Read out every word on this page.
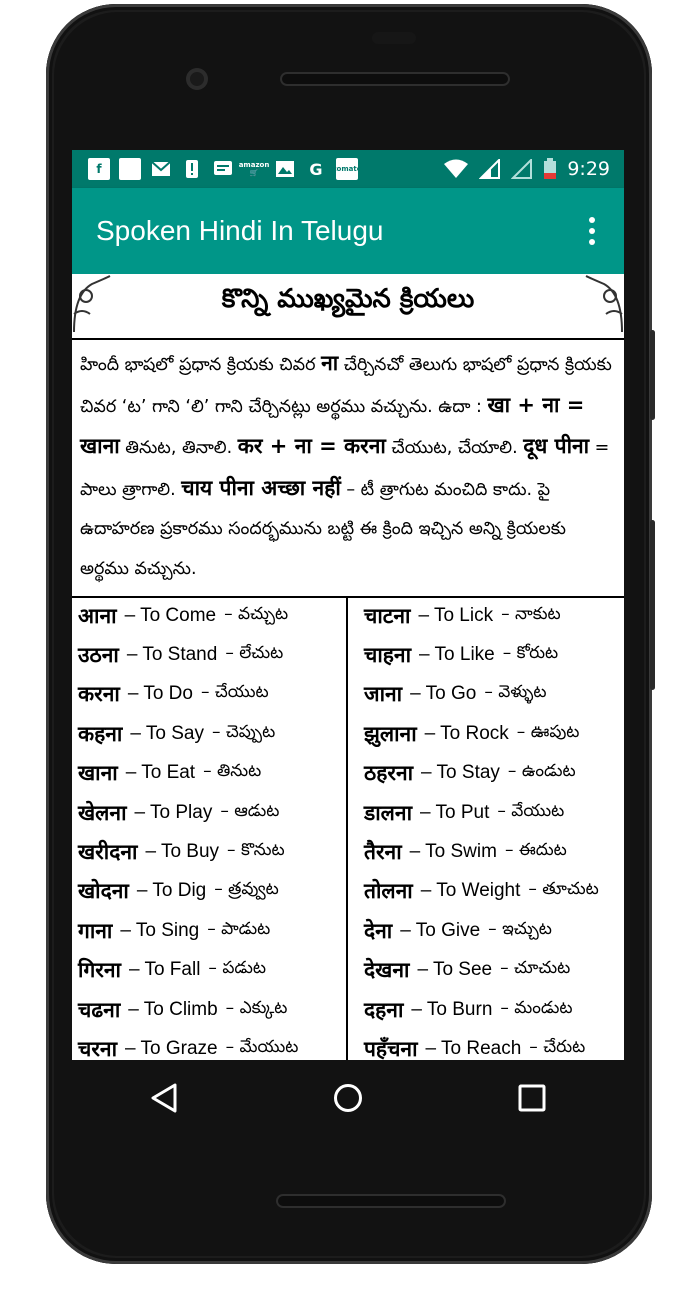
f	amazon
🛒	G zomato	9:29
Spoken Hindi In Telugu
కొన్ని ముఖ్యమైన క్రియలు
హిందీ భాషలో ప్రధాన క్రియకు చివర ना చేర్చినచో తెలుగు భాషలో ప్రధాన క్రియకు చివర ‘ట’ గాని ‘లి’ గాని చేర్చినట్లు అర్థము వచ్చును. ఉదా : खा + ना = खाना తినుట, తినాలి. कर + ना = करना చేయుట, చేయాలి. दूध पीना = పాలు త్రాగాలి. चाय पीना अच्छा नहीं – టీ త్రాగుట మంచిది కాదు. పై ఉదాహరణ ప్రకారము సందర్భమును బట్టి ఈ క్రింది ఇచ్చిన అన్ని క్రియలకు అర్థము వచ్చును.
आना – To Come – వచ్చుట
उठना – To Stand – లేచుట
करना – To Do – చేయుట
कहना – To Say – చెప్పుట
खाना – To Eat – తినుట
खेलना – To Play – ఆడుట
खरीदना – To Buy – కొనుట
खोदना – To Dig – త్రవ్వుట
गाना – To Sing – పాడుట
गिरना – To Fall – పడుట
चढना – To Climb – ఎక్కుట
चरना – To Graze – మేయుట
चाटना – To Lick – నాకుట
चाहना – To Like – కోరుట
जाना – To Go – వెళ్ళుట
झुलाना – To Rock – ఊపుట
ठहरना – To Stay – ఉండుట
डालना – To Put – వేయుట
तैरना – To Swim – ఈదుట
तोलना – To Weight – తూచుట
देना – To Give – ఇచ్చుట
देखना – To See – చూచుట
दहना – To Burn – మండుట
पहँचना – To Reach – చేరుట
